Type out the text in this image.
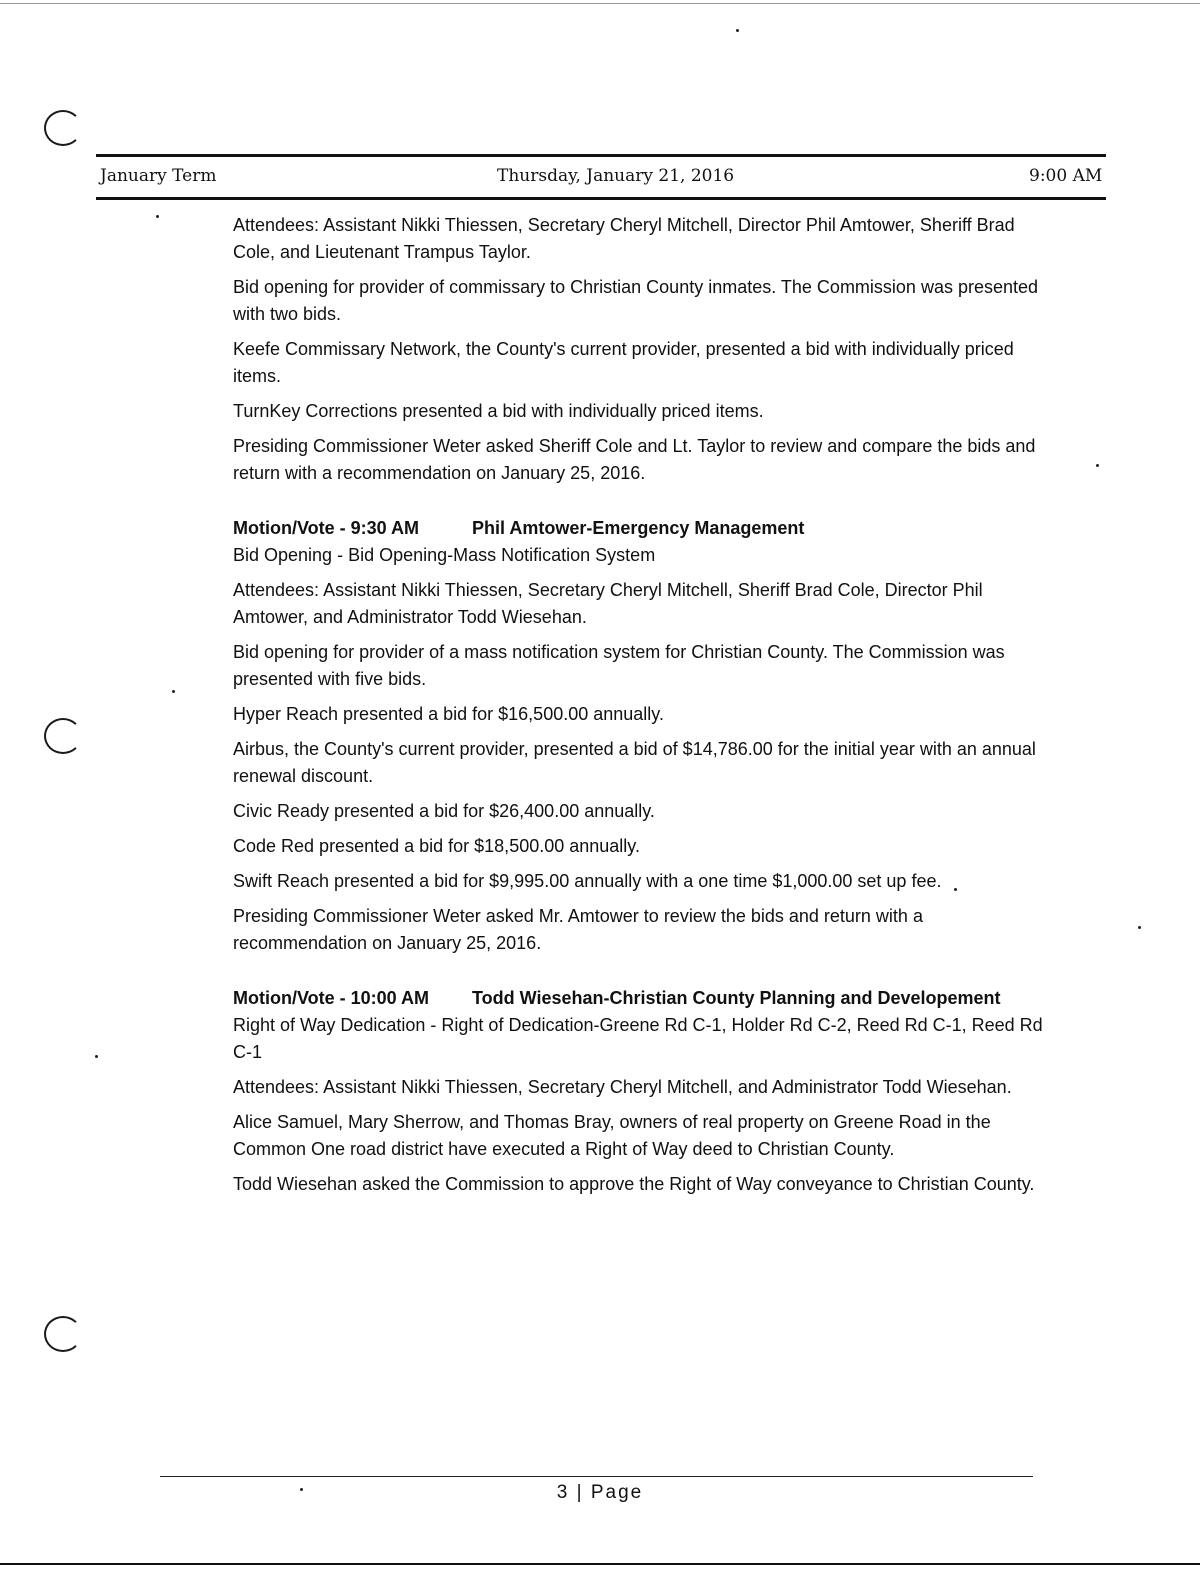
January Term	Thursday, January 21, 2016	9:00 AM

Attendees: Assistant Nikki Thiessen, Secretary Cheryl Mitchell, Director Phil Amtower, Sheriff Brad Cole, and Lieutenant Trampus Taylor.

Bid opening for provider of commissary to Christian County inmates. The Commission was presented with two bids.

Keefe Commissary Network, the County's current provider, presented a bid with individually priced items.

TurnKey Corrections presented a bid with individually priced items.

Presiding Commissioner Weter asked Sheriff Cole and Lt. Taylor to review and compare the bids and return with a recommendation on January 25, 2016.

Motion/Vote - 9:30 AM	Phil Amtower-Emergency Management

Bid Opening - Bid Opening-Mass Notification System

Attendees: Assistant Nikki Thiessen, Secretary Cheryl Mitchell, Sheriff Brad Cole, Director Phil Amtower, and Administrator Todd Wiesehan.

Bid opening for provider of a mass notification system for Christian County. The Commission was presented with five bids.

Hyper Reach presented a bid for $16,500.00 annually.

Airbus, the County's current provider, presented a bid of $14,786.00 for the initial year with an annual renewal discount.

Civic Ready presented a bid for $26,400.00 annually.

Code Red presented a bid for $18,500.00 annually.

Swift Reach presented a bid for $9,995.00 annually with a one time $1,000.00 set up fee.

Presiding Commissioner Weter asked Mr. Amtower to review the bids and return with a recommendation on January 25, 2016.

Motion/Vote - 10:00 AM	Todd Wiesehan-Christian County Planning and Developement

Right of Way Dedication - Right of Dedication-Greene Rd C-1, Holder Rd C-2, Reed Rd C-1, Reed Rd C-1

Attendees: Assistant Nikki Thiessen, Secretary Cheryl Mitchell, and Administrator Todd Wiesehan.

Alice Samuel, Mary Sherrow, and Thomas Bray, owners of real property on Greene Road in the Common One road district have executed a Right of Way deed to Christian County.

Todd Wiesehan asked the Commission to approve the Right of Way conveyance to Christian County.

3 | Page
